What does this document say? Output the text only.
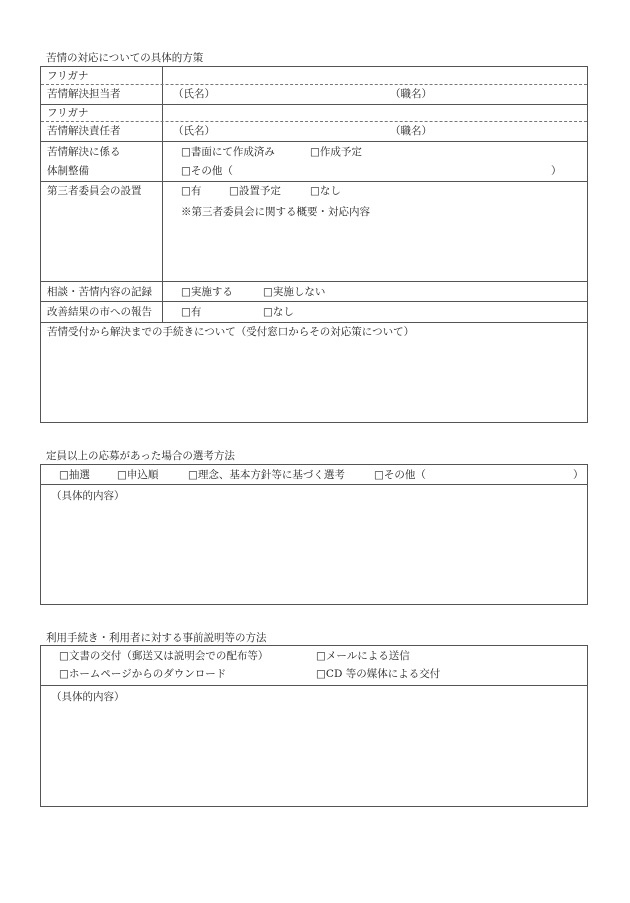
苦情の対応についての具体的方策
フリガナ
苦情解決担当者	（氏名）	（職名）
フリガナ
苦情解決責任者	（氏名）	（職名）
苦情解決に係る
体制整備
□書面にて作成済み	□作成予定
□その他（	）
第三者委員会の設置	□有	□設置予定	□なし
※第三者委員会に関する概要・対応内容
相談・苦情内容の記録	□実施する	□実施しない
改善結果の市への報告	□有	□なし
苦情受付から解決までの手続きについて（受付窓口からその対応策について）
定員以上の応募があった場合の選考方法
□抽選	□申込順	□理念、基本方針等に基づく選考	□その他（	）
（具体的内容）
利用手続き・利用者に対する事前説明等の方法
□文書の交付（郵送又は説明会での配布等）	□メールによる送信
□ホームページからのダウンロード	□CD 等の媒体による交付
（具体的内容）
